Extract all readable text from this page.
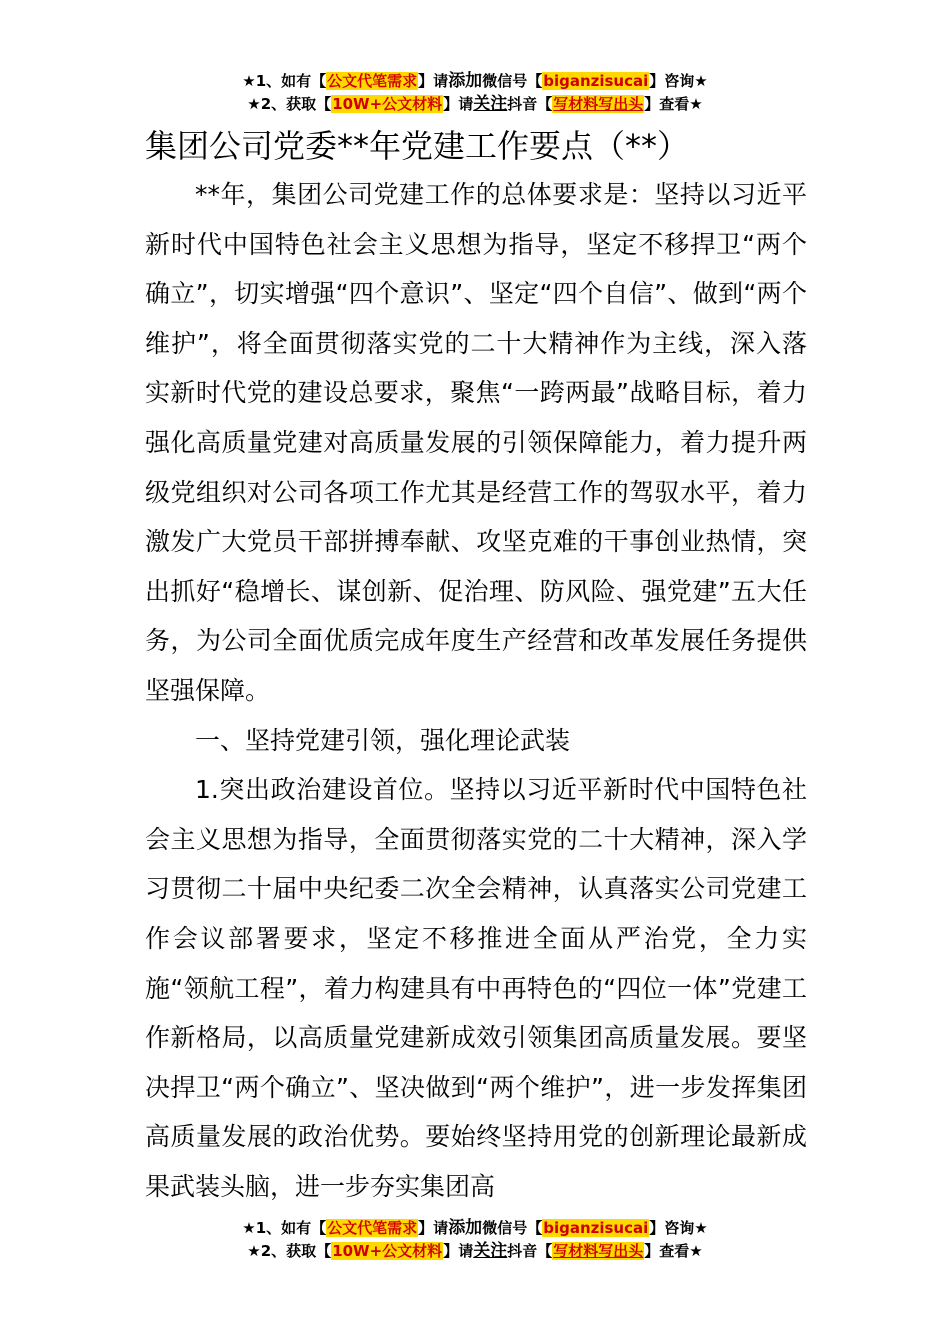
★1、如有【公文代笔需求】请添加微信号【biganzisucai】咨询★
★2、获取【10W+公文材料】请关注抖音【写材料写出头】查看★
集团公司党委**年党建工作要点（**）

**年，集团公司党建工作的总体要求是：坚持以习近平新时代中国特色社会主义思想为指导，坚定不移捍卫“两个确立”，切实增强“四个意识”、坚定“四个自信”、做到“两个维护”，将全面贯彻落实党的二十大精神作为主线，深入落实新时代党的建设总要求，聚焦“一跨两最”战略目标，着力强化高质量党建对高质量发展的引领保障能力，着力提升两级党组织对公司各项工作尤其是经营工作的驾驭水平，着力激发广大党员干部拼搏奉献、攻坚克难的干事创业热情，突出抓好“稳增长、谋创新、促治理、防风险、强党建”五大任务，为公司全面优质完成年度生产经营和改革发展任务提供坚强保障。

一、坚持党建引领，强化理论武装

1.突出政治建设首位。坚持以习近平新时代中国特色社会主义思想为指导，全面贯彻落实党的二十大精神，深入学习贯彻二十届中央纪委二次全会精神，认真落实公司党建工作会议部署要求，坚定不移推进全面从严治党，全力实施“领航工程”，着力构建具有中再特色的“四位一体”党建工作新格局，以高质量党建新成效引领集团高质量发展。要坚决捍卫“两个确立”、坚决做到“两个维护”，进一步发挥集团高质量发展的政治优势。要始终坚持用党的创新理论最新成果武装头脑，进一步夯实集团高

★1、如有【公文代笔需求】请添加微信号【biganzisucai】咨询★
★2、获取【10W+公文材料】请关注抖音【写材料写出头】查看★
